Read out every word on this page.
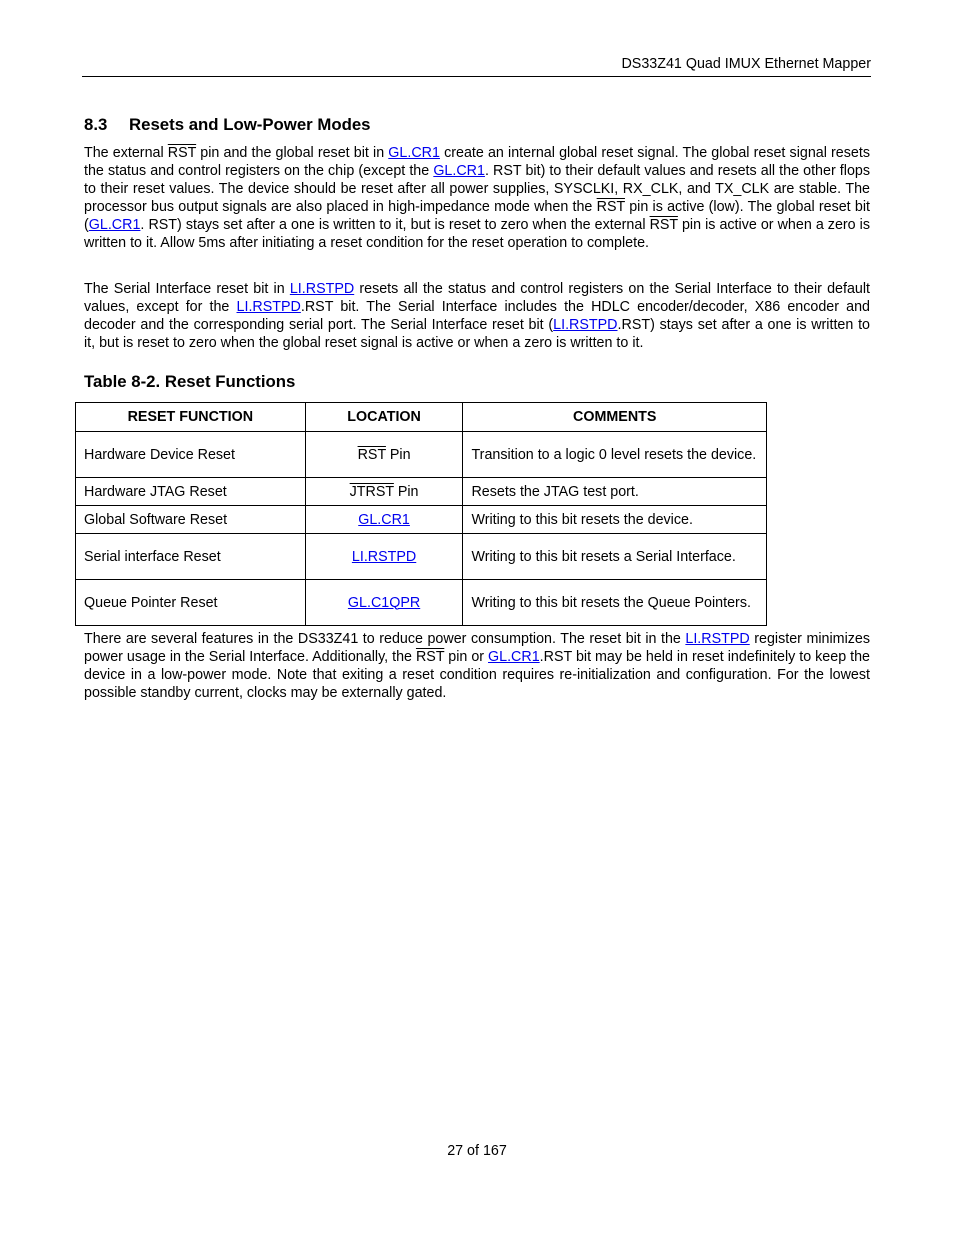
DS33Z41 Quad IMUX Ethernet Mapper
8.3 Resets and Low-Power Modes

The external $\overline{RST}$ pin and the global reset bit in GL.CR1 create an internal global reset signal. The global reset signal resets the status and control registers on the chip (except the GL.CR1. RST bit) to their default values and resets all the other flops to their reset values. The device should be reset after all power supplies, SYSCLKI, RX_CLK, and TX_CLK are stable. The processor bus output signals are also placed in high-impedance mode when the $\overline{RST}$ pin is active (low). The global reset bit (GL.CR1. RST) stays set after a one is written to it, but is reset to zero when the external $\overline{RST}$ pin is active or when a zero is written to it. Allow 5ms after initiating a reset condition for the reset operation to complete.

The Serial Interface reset bit in LI.RSTPD resets all the status and control registers on the Serial Interface to their default values, except for the LI.RSTPD.RST bit. The Serial Interface includes the HDLC encoder/decoder, X86 encoder and decoder and the corresponding serial port. The Serial Interface reset bit (LI.RSTPD.RST) stays set after a one is written to it, but is reset to zero when the global reset signal is active or when a zero is written to it.

Table 8-2. Reset Functions
RESET FUNCTION	LOCATION	COMMENTS
Hardware Device Reset	$\overline{RST}$ Pin	Transition to a logic 0 level resets the device.
Hardware JTAG Reset	JTRST Pin	Resets the JTAG test port.
Global Software Reset	GL.CR1	Writing to this bit resets the device.
Serial interface Reset	LI.RSTPD	Writing to this bit resets a Serial Interface.
Queue Pointer Reset	GL.C1QPR	Writing to this bit resets the Queue Pointers.

There are several features in the DS33Z41 to reduce power consumption. The reset bit in the LI.RSTPD register minimizes power usage in the Serial Interface. Additionally, the $\overline{RST}$ pin or GL.CR1.RST bit may be held in reset indefinitely to keep the device in a low-power mode. Note that exiting a reset condition requires re-initialization and configuration. For the lowest possible standby current, clocks may be externally gated.

27 of 167
